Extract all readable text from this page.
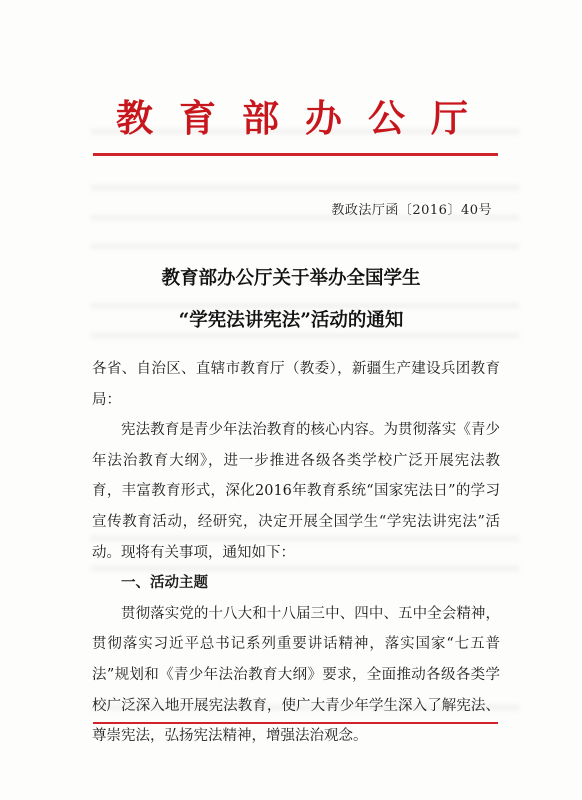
教育部办公厅
教政法厅函〔2016〕40号
教育部办公厅关于举办全国学生
“学宪法讲宪法”活动的通知

各省、自治区、直辖市教育厅（教委），新疆生产建设兵团教育局：

宪法教育是青少年法治教育的核心内容。为贯彻落实《青少年法治教育大纲》，进一步推进各级各类学校广泛开展宪法教育，丰富教育形式，深化2016年教育系统“国家宪法日”的学习宣传教育活动，经研究，决定开展全国学生“学宪法讲宪法”活动。现将有关事项，通知如下：

一、活动主题

贯彻落实党的十八大和十八届三中、四中、五中全会精神，贯彻落实习近平总书记系列重要讲话精神，落实国家“七五普法”规划和《青少年法治教育大纲》要求，全面推动各级各类学校广泛深入地开展宪法教育，使广大青少年学生深入了解宪法、尊崇宪法，弘扬宪法精神，增强法治观念。
